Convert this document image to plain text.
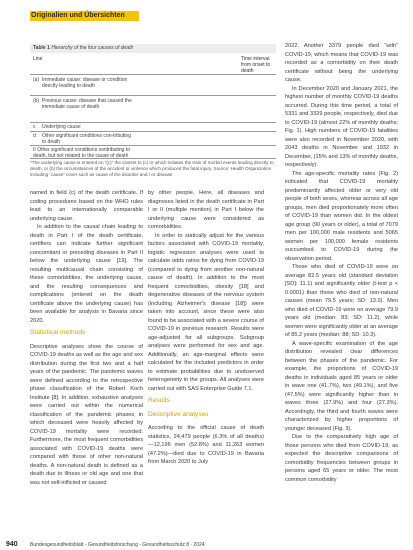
Originalien und Übersichten
Table 1 Hierarchy of the four causes of death
Line	Time interval from onset to death
(a) Immediate cause: disease or condition directly leading to death
(b) Previous cause: disease that caused the immediate cause of death
c Underlying cause
d Other significant conditions con-tributing to death
II Other significant conditions contributing to death, but not related to the cause of death
*The underlying cause is entered on “(c)” the closest to (c) or which initiates the train of morbid events leading directly to death, or (b) the circumstances of the accident or violence which produced the fatal injury. Source: Health Organization including “cause” cover such as cause of the disorder and / or disease

named in field (c) of the death certificate. If coding procedures based on the WHO rules lead to an internationally comparable underlying cause.

In addition to the causal chain leading to death in Part I of the death certificate, certifiers can indicate further significant concomitant or preceding diseases in Part II below the underlying cause [19]. The resulting multicausal chain consisting of these comorbidities, the underlying cause, and the resulting consequences and complications (entered on the death certificate above the underlying cause) has been available for analysis in Bavaria since 2020.

Statistical methods

Descriptive analyses show the course of COVID-19 deaths as well as the age and sex distribution during the first two and a half years of the pandemic. The pandemic waves were defined according to the retrospective phase classification of the Robert Koch Institute [8]. In addition, exhaustive analyses were carried out within the numerical classification of the pandemic phases in which deceased were heavily affected by COVID-19 mortality were recorded. Furthermore, the most frequent comorbidities associated with COVID-19 deaths were compared with those of other non-natural deaths. A non-natural death is defined as a death due to illness or old age and one that was not self-inflicted or caused

by other people. Here, all diseases and diagnoses listed in the death certificate in Part I or II (multiple mention) in Part I below the underlying cause were considered as comorbidities.

In order to statically adjust for the various factors associated with COVID-19 mortality, logistic regression analyses were used to calculate odds ratios for dying from COVID-19 (compared to dying from another non-natural cause of death). In addition to the most frequent comorbidities, obesity [18] and degenerative diseases of the nervous system (including Alzheimer’s disease [18]) were taken into account, since these were also found to be associated with a severe course of COVID-19 in previous research. Results were age-adjusted for all subgroups. Subgroup analyses were performed for sex and age. Additionally, an age-marginal effects were calculated for the included predictors in order to estimate probabilities due to unobserved heterogeneity in the groups. All analyses were carried out with SAS Enterprise Guide 7.1.

Results
Descriptive analyses

According to the official cause of death statistics, 24,479 people (6.3% of all deaths) —12,196 men (52.8%) and 11,263 women (47.2%)—died due to COVID-19 in Bavaria from March 2020 to July

2022. Another 3379 people died “with” COVID-19, which means that COVID-19 was recorded as a comorbidity on their death certificate without being the underlying cause.

In December 2020 and January 2021, the highest number of monthly COVID-19 deaths occurred. During this time period, a total of 5331 and 3329 people, respectively, died due to COVID-19 (almost 22% of monthly deaths; Fig. 1). High numbers of COVID-19 fatalities were also recorded in November 2020, with 2043 deaths in November and 1932 in December, (15% and 13% of monthly deaths, respectively).

The age-specific mortality rates (Fig. 2) indicated that COVID-19 mortality predominantly affected older or very old people of both sexes, whereas across all age groups, men died proportionately more often of COVID-19 than women did. In the oldest age group (90 years or older), a total of 7079 men per 100,000 male residents and 5065 women per 100,000 female residents succumbed to COVID-19 during the observation period.

Those who died of COVID-19 were on average 82.5 years old (standard deviation [SD]: 11.1) and significantly older (t-test p < 0.0001) than those who died of non-natural causes (mean 79.5 years; SD: 13.0). Men who died of COVID-19 were on average 79.9 years old (median: 83; SD: 11.2), while women were significantly older at an average of 85.2 years (median: 88; SD: 10.3).

A wave-specific examination of the age distribution revealed clear differences between the phases of the pandemic. For example, the proportions of COVID-19 deaths in individuals aged 85 years or older in wave one (41.7%), two (49.1%), and five (47.5%) were significantly higher than in waves three (27.9%) and four (27.3%). Accordingly, the third and fourth waves were characterized by higher proportions of younger deceased (Fig. 3).

Due to the comparatively high age of those persons who died from COVID-19, as expected the descriptive comparisons of comorbidity frequencies between groups in persons aged 65 years or older. The most common comorbidity

940 Bundesgesundheitsblatt - Gesundheitsforschung - Gesundheitsschutz 8 · 2024
